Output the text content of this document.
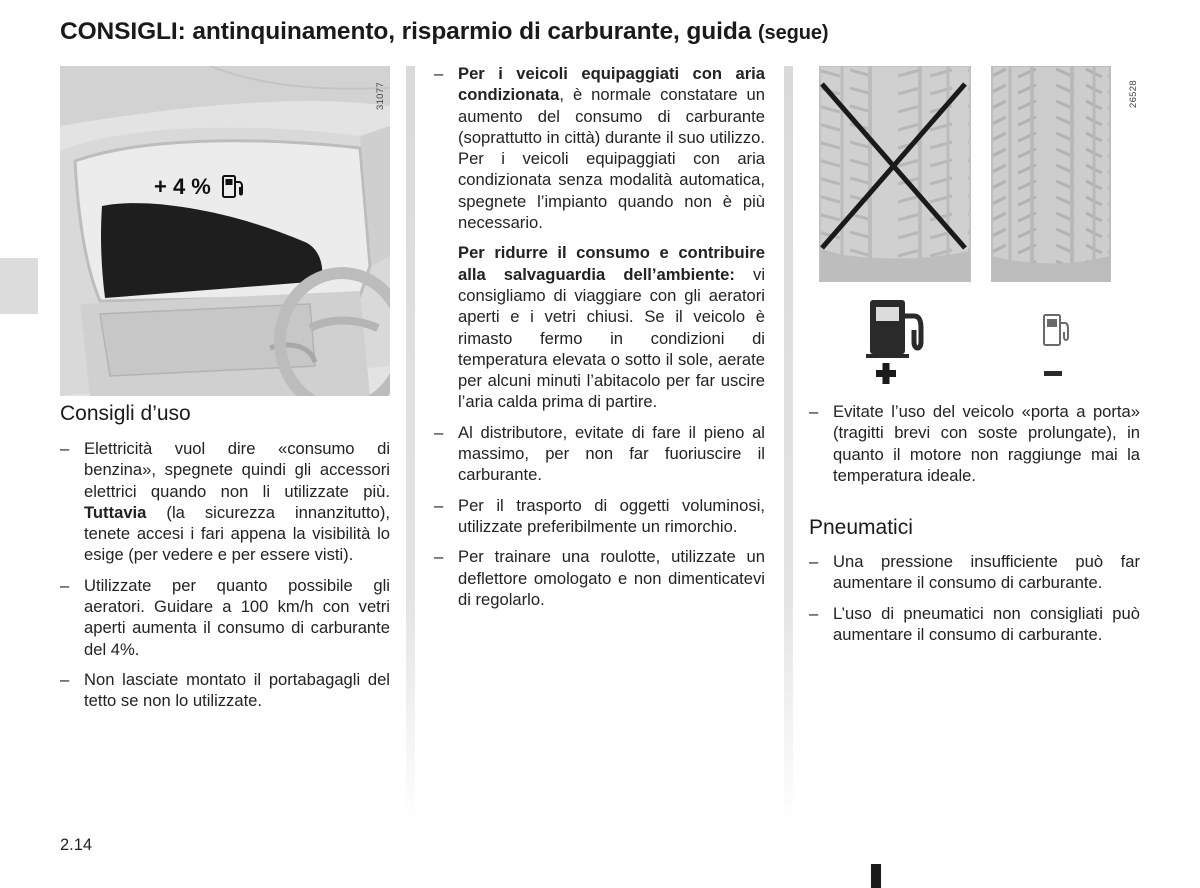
CONSIGLI: antinquinamento, risparmio di carburante, guida (segue)
+ 4 %
31077
Consigli d’uso
– Elettricità vuol dire «consumo di benzina», spegnete quindi gli accessori elettrici quando non li utilizzate più. Tuttavia (la sicurezza innanzitutto), tenete accesi i fari appena la visibilità lo esige (per vedere e per essere visti).
– Utilizzate per quanto possibile gli aeratori. Guidare a 100 km/h con vetri aperti aumenta il consumo di carburante del 4%.
– Non lasciate montato il portabagagli del tetto se non lo utilizzate.
– Per i veicoli equipaggiati con aria condizionata, è normale constatare un aumento del consumo di carburante (soprattutto in città) durante il suo utilizzo. Per i veicoli equipaggiati con aria condizionata senza modalità automatica, spegnete l’impianto quando non è più necessario.
Per ridurre il consumo e contribuire alla salvaguardia dell’ambiente: vi consigliamo di viaggiare con gli aeratori aperti e i vetri chiusi. Se il veicolo è rimasto fermo in condizioni di temperatura elevata o sotto il sole, aerate per alcuni minuti l’abitacolo per far uscire l’aria calda prima di partire.
– Al distributore, evitate di fare il pieno al massimo, per non far fuoriuscire il carburante.
– Per il trasporto di oggetti voluminosi, utilizzate preferibilmente un rimorchio.
– Per trainare una roulotte, utilizzate un deflettore omologato e non dimenticatevi di regolarlo.
26528
– Evitate l’uso del veicolo «porta a porta» (tragitti brevi con soste prolungate), in quanto il motore non raggiunge mai la temperatura ideale.
Pneumatici
– Una pressione insufficiente può far aumentare il consumo di carburante.
– L’uso di pneumatici non consigliati può aumentare il consumo di carburante.
2.14
